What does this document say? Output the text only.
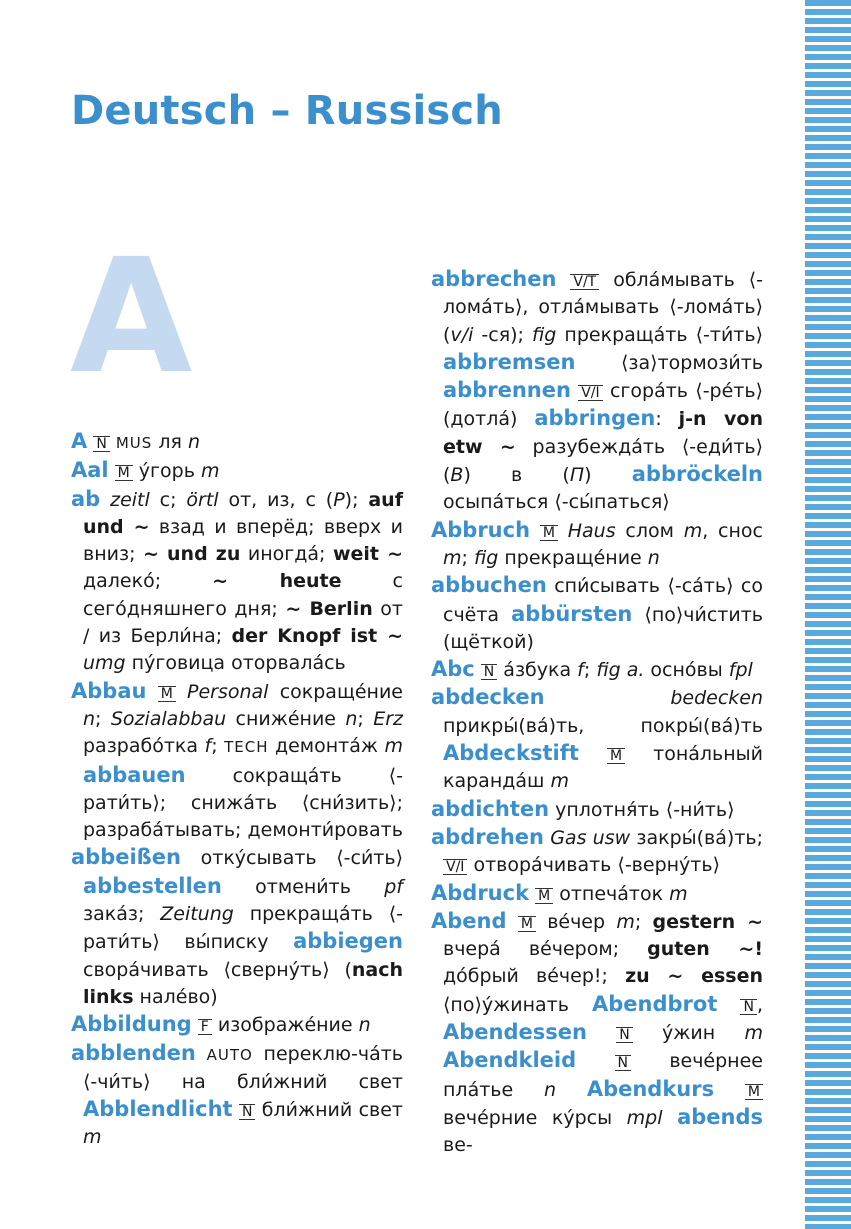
Deutsch – Russisch
A

A N MUS ля n

Aal M у́горь m

ab zeitl с; örtl от, из, с (P); auf und ~ взад и вперёд; вверх и вниз; ~ und zu иногда́; weit ~ далеко́; ~ heute с сего́дняшнего дня; ~ Berlin от / из Берли́на; der Knopf ist ~ umg пу́говица оторвала́сь

Abbau M Personal сокраще́ние n; Sozialabbau сниже́ние n; Erz разрабо́тка f; TECH демонта́ж m abbauen сокраща́ть ⟨-рати́ть⟩; снижа́ть ⟨сни́зить⟩; разраба́тывать; демонти́ровать

abbeißen отку́сывать ⟨-си́ть⟩ abbestellen отмени́ть pf зака́з; Zeitung прекраща́ть ⟨-рати́ть⟩ вы́писку abbiegen свора́чивать ⟨сверну́ть⟩ (nach links нале́во)

Abbildung F изображе́ние n

abblenden AUTO переклю-ча́ть ⟨-чи́ть⟩ на бли́жний свет Abblendlicht N бли́жний свет m

abbrechen V/T обла́мывать ⟨-лома́ть⟩, отла́мывать ⟨-лома́ть⟩ (v/i -ся); fig прекраща́ть ⟨-ти́ть⟩ abbremsen ⟨за⟩тормози́ть abbrennen V/I сгора́ть ⟨-ре́ть⟩ (дотла́) abbringen: j-n von etw ~ разубежда́ть ⟨-еди́ть⟩ (B) в (П) abbröckeln осыпа́ться ⟨-сы́паться⟩

Abbruch M Haus слом m, снос m; fig прекраще́ние n

abbuchen спи́сывать ⟨-са́ть⟩ со счёта abbürsten ⟨по⟩чи́стить (щёткой)

Abc N а́збука f; fig a. осно́вы fpl

abdecken	bedecken прикры́(ва́)ть, покры́(ва́)ть Abdeckstift M тона́льный каранда́ш m

abdichten уплотня́ть ⟨-ни́ть⟩

abdrehen Gas usw закры́(ва́)ть; V/I отвора́чивать ⟨-верну́ть⟩

Abdruck M отпеча́ток m

Abend M ве́чер m; gestern ~ вчера́ ве́чером; guten ~! до́брый ве́чер!; zu ~ essen ⟨по⟩у́жинать Abendbrot N , Abendessen N у́жин m Abendkleid	N вече́рнее пла́тье n Abendkurs M вече́рние ку́рсы mpl abends ве-
